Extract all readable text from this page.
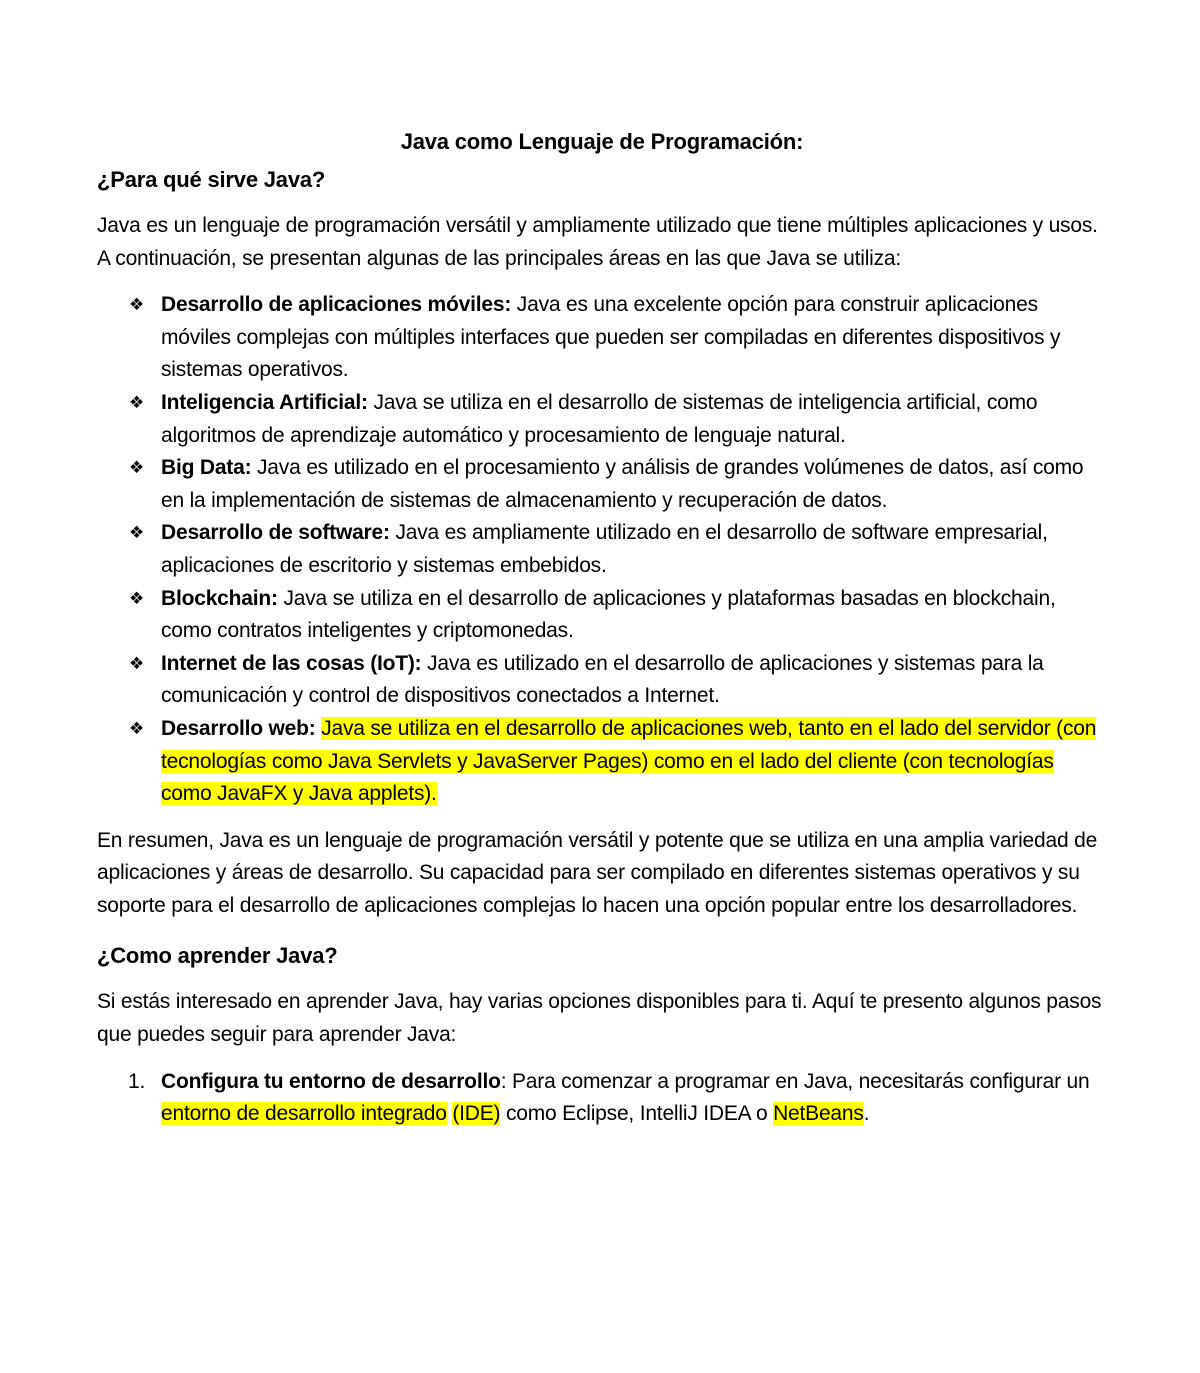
Java como Lenguaje de Programación:
¿Para qué sirve Java?

Java es un lenguaje de programación versátil y ampliamente utilizado que tiene múltiples aplicaciones y usos. A continuación, se presentan algunas de las principales áreas en las que Java se utiliza:

❖ Desarrollo de aplicaciones móviles: Java es una excelente opción para construir aplicaciones móviles complejas con múltiples interfaces que pueden ser compiladas en diferentes dispositivos y sistemas operativos.
❖ Inteligencia Artificial: Java se utiliza en el desarrollo de sistemas de inteligencia artificial, como algoritmos de aprendizaje automático y procesamiento de lenguaje natural.
❖ Big Data: Java es utilizado en el procesamiento y análisis de grandes volúmenes de datos, así como en la implementación de sistemas de almacenamiento y recuperación de datos.
❖ Desarrollo de software: Java es ampliamente utilizado en el desarrollo de software empresarial, aplicaciones de escritorio y sistemas embebidos.
❖ Blockchain: Java se utiliza en el desarrollo de aplicaciones y plataformas basadas en blockchain, como contratos inteligentes y criptomonedas.
❖ Internet de las cosas (IoT): Java es utilizado en el desarrollo de aplicaciones y sistemas para la comunicación y control de dispositivos conectados a Internet.
❖ Desarrollo web: Java se utiliza en el desarrollo de aplicaciones web, tanto en el lado del servidor (con tecnologías como Java Servlets y JavaServer Pages) como en el lado del cliente (con tecnologías como JavaFX y Java applets).

En resumen, Java es un lenguaje de programación versátil y potente que se utiliza en una amplia variedad de aplicaciones y áreas de desarrollo. Su capacidad para ser compilado en diferentes sistemas operativos y su soporte para el desarrollo de aplicaciones complejas lo hacen una opción popular entre los desarrolladores.

¿Como aprender Java?

Si estás interesado en aprender Java, hay varias opciones disponibles para ti. Aquí te presento algunos pasos que puedes seguir para aprender Java:

1. Configura tu entorno de desarrollo: Para comenzar a programar en Java, necesitarás configurar un entorno de desarrollo integrado (IDE) como Eclipse, IntelliJ IDEA o NetBeans.
